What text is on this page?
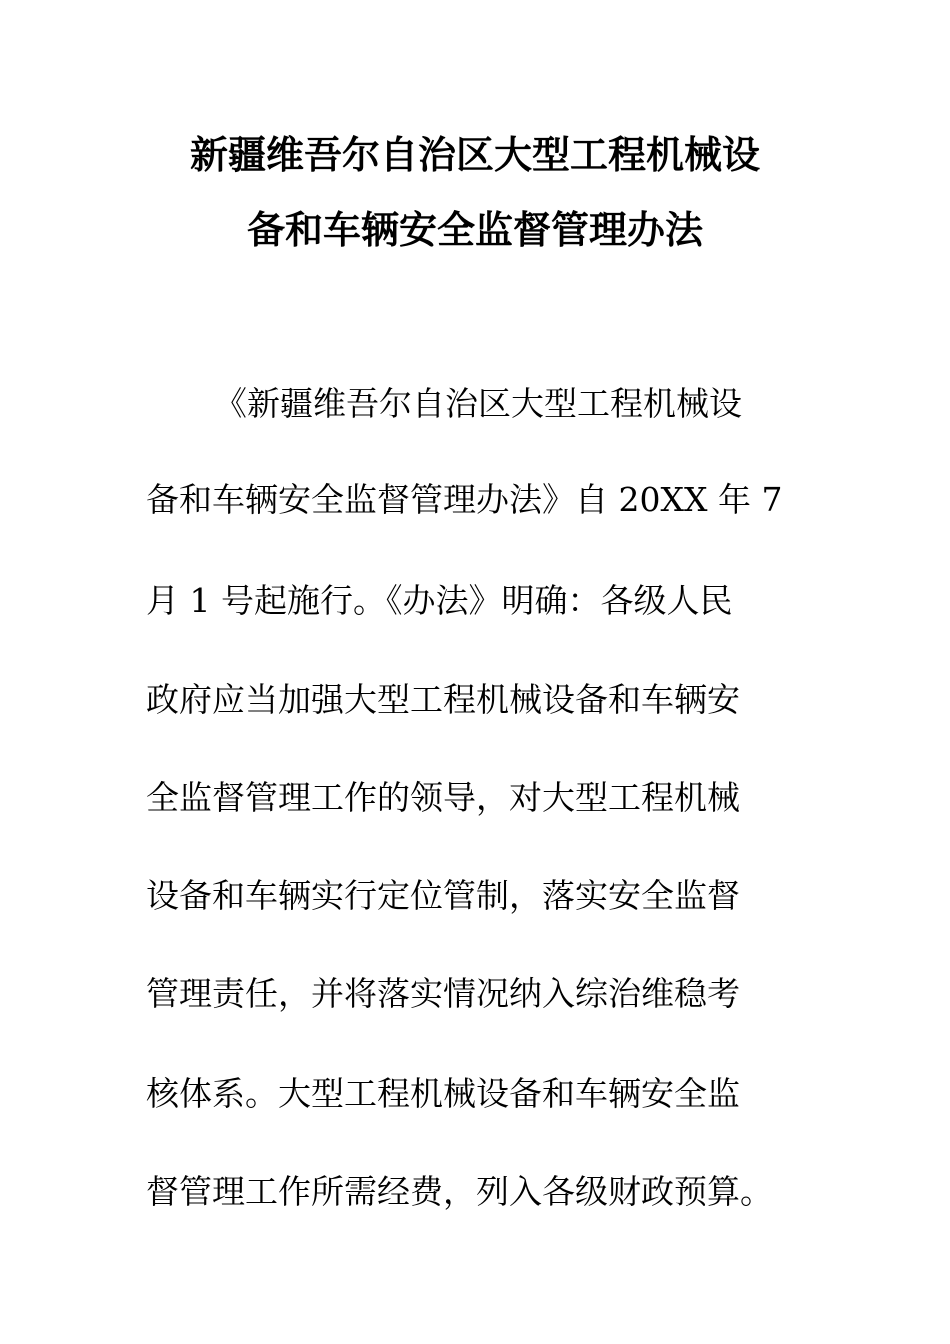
新疆维吾尔自治区大型工程机械设
备和车辆安全监督管理办法
《新疆维吾尔自治区大型工程机械设
备和车辆安全监督管理办法》自 20XX 年 7
月 1 号起施行。《办法》明确：各级人民
政府应当加强大型工程机械设备和车辆安
全监督管理工作的领导，对大型工程机械
设备和车辆实行定位管制，落实安全监督
管理责任，并将落实情况纳入综治维稳考
核体系。大型工程机械设备和车辆安全监
督管理工作所需经费，列入各级财政预算。
